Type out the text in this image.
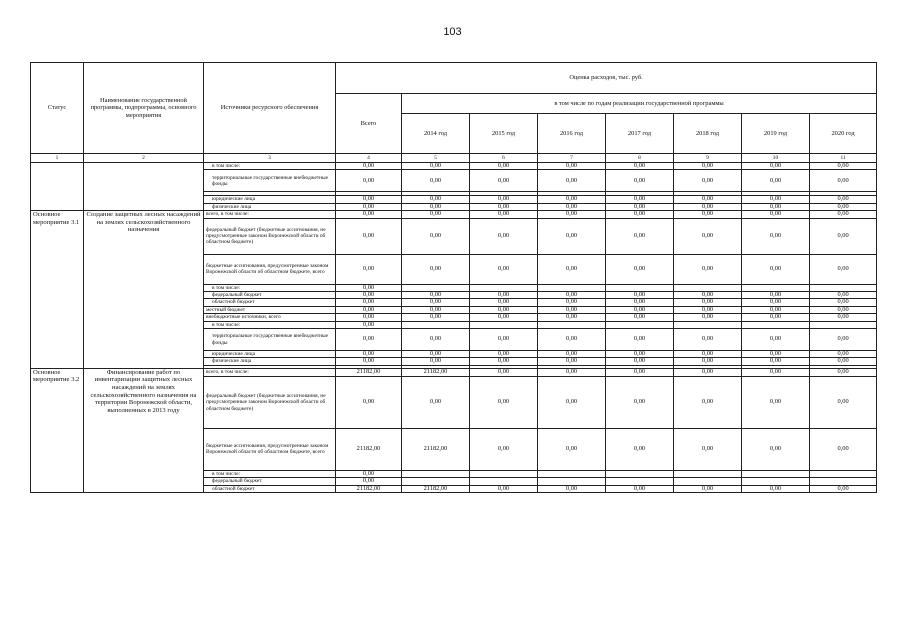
103
Статус	Наименование государственной программы, подпрограммы, основного мероприятия	Источники ресурсного обеспечения	Оценка расходов, тыс. руб.							
			Всего	в том числе по годам реализации государственной программы						
				2014 год	2015 год	2016 год	2017 год	2018 год	2019 год	2020 год
1	2	3	4	5	6	7	8	9	10	11
		в том числе:	0,00	0,00	0,00	0,00	0,00	0,00	0,00	0,00
		территориальные государственные внебюджетные фонды	0,00	0,00	0,00	0,00	0,00	0,00	0,00	0,00

		юридические лица	0,00	0,00	0,00	0,00	0,00	0,00	0,00	0,00
		физические лица	0,00	0,00	0,00	0,00	0,00	0,00	0,00	0,00
Основное мероприятие 3.1	Создание защитных лесных насаждений на землях сельскохозяйственного назначения	всего, в том числе:	0,00	0,00	0,00	0,00	0,00	0,00	0,00	0,00
		федеральный бюджет (бюджетные ассигнования, не предусмотренные законом Воронежской области об областном бюджете)	0,00	0,00	0,00	0,00	0,00	0,00	0,00	0,00
		бюджетные ассигнования, предусмотренные законом Воронежской области об областном бюджете, всего	0,00	0,00	0,00	0,00	0,00	0,00	0,00	0,00
		в том числе:	0,00							
		федеральный бюджет	0,00	0,00	0,00	0,00	0,00	0,00	0,00	0,00
		областной бюджет	0,00	0,00	0,00	0,00	0,00	0,00	0,00	0,00
		местный бюджет	0,00	0,00	0,00	0,00	0,00	0,00	0,00	0,00
		внебюджетные источники, всего	0,00	0,00	0,00	0,00	0,00	0,00	0,00	0,00
		в том числе:	0,00							
		территориальные государственные внебюджетные фонды	0,00	0,00	0,00	0,00	0,00	0,00	0,00	0,00
		юридические лица	0,00	0,00	0,00	0,00	0,00	0,00	0,00	0,00
		физические лица	0,00	0,00	0,00	0,00	0,00	0,00	0,00	0,00

Основное мероприятие 3.2	Финансирование работ по инвентаризации защитных лесных насаждений на землях сельскохозяйственного назначения на территории Воронежской области, выполненных в 2013 году	всего, в том числе:	21182,00	21182,00	0,00	0,00	0,00	0,00	0,00	0,00
		федеральный бюджет (бюджетные ассигнования, не предусмотренные законом Воронежской области об областном бюджете)	0,00	0,00	0,00	0,00	0,00	0,00	0,00	0,00
		бюджетные ассигнования, предусмотренные законом Воронежской области об областном бюджете, всего	21182,00	21182,00	0,00	0,00	0,00	0,00	0,00	0,00
		в том числе:	0,00							
		федеральный бюджет	0,00							
		областной бюджет	21182,00	21182,00	0,00	0,00	0,00	0,00	0,00	0,00
